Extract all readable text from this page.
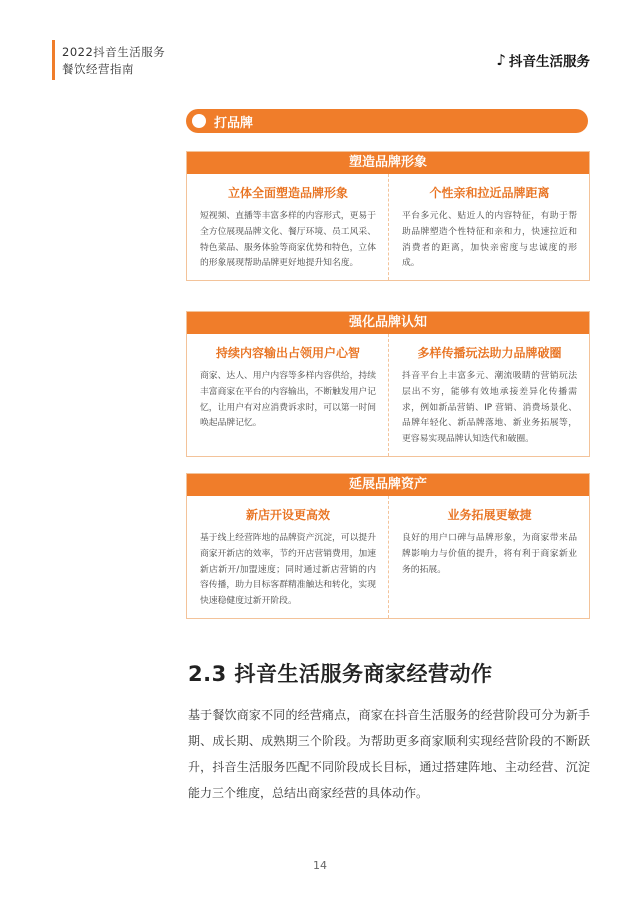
2022抖音生活服务
餐饮经营指南	♪ 抖音生活服务
打品牌
塑造品牌形象
立体全面塑造品牌形象
短视频、直播等丰富多样的内容形式，更易于全方位展现品牌文化、餐厅环境、员工风采、特色菜品、服务体验等商家优势和特色，立体的形象展现帮助品牌更好地提升知名度。
个性亲和拉近品牌距离
平台多元化、贴近人的内容特征，有助于帮助品牌塑造个性特征和亲和力，快速拉近和消费者的距离，加快亲密度与忠诚度的形成。
强化品牌认知
持续内容输出占领用户心智
商家、达人、用户内容等多样内容供给，持续丰富商家在平台的内容输出，不断触发用户记忆，让用户有对应消费诉求时，可以第一时间唤起品牌记忆。
多样传播玩法助力品牌破圈
抖音平台上丰富多元、潮流吸睛的营销玩法层出不穷，能够有效地承接差异化传播需求，例如新品营销、IP 营销、消费场景化、品牌年轻化、新品牌落地、新业务拓展等，更容易实现品牌认知迭代和破圈。
延展品牌资产
新店开设更高效
基于线上经营阵地的品牌资产沉淀，可以提升商家开新店的效率，节约开店营销费用，加速新店新开/加盟速度；同时通过新店营销的内容传播，助力目标客群精准触达和转化，实现快速稳健度过新开阶段。
业务拓展更敏捷
良好的用户口碑与品牌形象，为商家带来品牌影响力与价值的提升，将有利于商家新业务的拓展。
2.3 抖音生活服务商家经营动作
基于餐饮商家不同的经营痛点，商家在抖音生活服务的经营阶段可分为新手期、成长期、成熟期三个阶段。为帮助更多商家顺利实现经营阶段的不断跃升，抖音生活服务匹配不同阶段成长目标，通过搭建阵地、主动经营、沉淀能力三个维度，总结出商家经营的具体动作。
14
